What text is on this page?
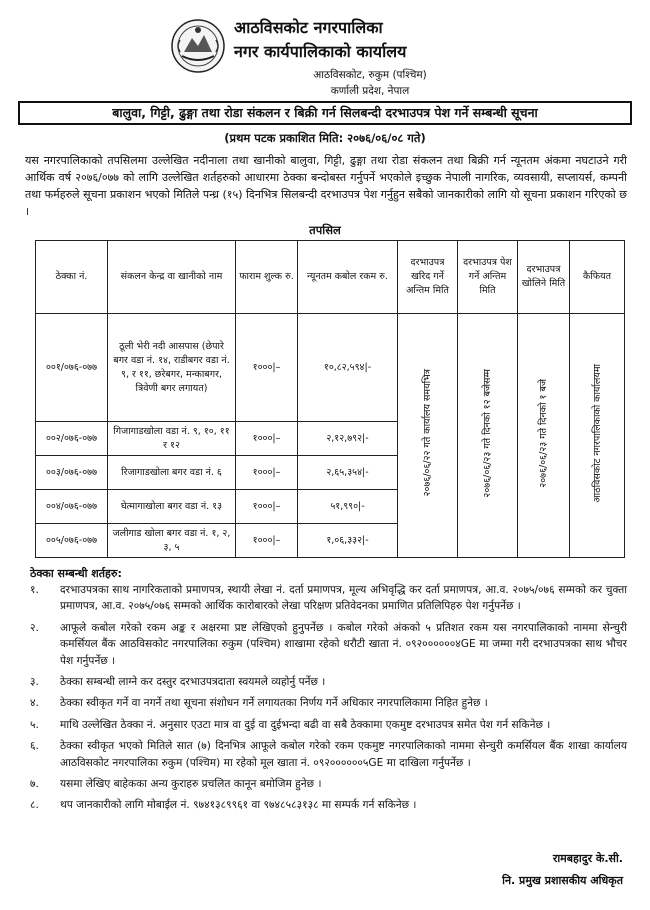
आठविसकोट नगरपालिका
नगर कार्यपालिकाको कार्यालय
आठविसकोट, रुकुम (पश्चिम)
कर्णाली प्रदेश, नेपाल
बालुवा, गिट्टी, ढुङ्गा तथा रोडा संकलन र बिक्री गर्न सिलबन्दी दरभाउपत्र पेश गर्ने सम्बन्धी सूचना
(प्रथम पटक प्रकाशित मिति: २०७६/०६/०८ गते)

यस नगरपालिकाको तपसिलमा उल्लेखित नदीनाला तथा खानीको बालुवा, गिट्टी, ढुङ्गा तथा रोडा संकलन तथा बिक्री गर्न न्यूनतम अंकमा नघटाउने गरी आर्थिक वर्ष २०७६/०७७ को लागि उल्लेखित शर्तहरुको आधारमा ठेक्का बन्दोबस्त गर्नुपर्ने भएकोले इच्छुक नेपाली नागरिक, व्यवसायी, सप्लायर्स, कम्पनी तथा फर्महरुले सूचना प्रकाशन भएको मितिले पन्ध्र (१५) दिनभित्र सिलबन्दी दरभाउपत्र पेश गर्नुहुन सबैको जानकारीको लागि यो सूचना प्रकाशन गरिएको छ ।

तपसिल
ठेक्का नं.	संकलन केन्द्र वा खानीको नाम	फाराम शुल्क रु.	न्यूनतम कबोल रकम रु.	दरभाउपत्र खरिद गर्ने अन्तिम मिति	दरभाउपत्र पेश गर्ने अन्तिम मिति	दरभाउपत्र खोलिने मिति	कैफियत
००१/०७६-०७७	ठूली भेरी नदी आसपास (छेपारे बगर वडा नं. १४, राडीबगर वडा नं. ९, र ११, छरेबगर, मन्काबगर, त्रिवेणी बगर लगायत)	१०००|–	१०,८२,५९४|-	२०७६/०६/२२ गते कार्यालय समयभित्र	२०७६/०६/२३ गते दिनको १२ बजेसम्म	२०७६/०६/२३ गते दिनको १ बजे	आठविसकोट नगरपालिकाको कार्यालयमा
००२/०७६-०७७	गिजागाडखोला वडा नं. ९, १०, ११ र १२	१०००|–	२,१२,७९२|-				
००३/०७६-०७७	रिजागाडखोला बगर वडा नं. ६	१०००|–	२,६५,३५४|-				
००४/०७६-०७७	घेत्मागाखोला बगर वडा नं. १३	१०००|–	५१,९९०|-				
००५/०७६-०७७	जलीगाड खोला बगर वडा नं. १, २, ३, ५	१०००|–	१,०६,३३२|-				
ठेक्का सम्बन्धी शर्तहरु:
१.	दरभाउपत्रका साथ नागरिकताको प्रमाणपत्र, स्थायी लेखा नं. दर्ता प्रमाणपत्र, मूल्य अभिवृद्धि कर दर्ता प्रमाणपत्र, आ.व. २०७५/०७६ सम्मको कर चुक्ता प्रमाणपत्र, आ.व. २०७५/०७६ सम्मको आर्थिक कारोबारको लेखा परिक्षण प्रतिवेदनका प्रमाणित प्रतिलिपिहरु पेश गर्नुपर्नेछ ।
२.	आफूले कबोल गरेको रकम अङ्क र अक्षरमा प्रष्ट लेखिएको हुनुपर्नेछ । कबोल गरेको अंकको ५ प्रतिशत रकम यस नगरपालिकाको नाममा सेन्चुरी कमर्सियल बैंक आठविसकोट नगरपालिका रुकुम (पश्चिम) शाखामा रहेको धरौटी खाता नं. ०९२००००००४GE मा जम्मा गरी दरभाउपत्रका साथ भौचर पेश गर्नुपर्नेछ ।
३.	ठेक्का सम्बन्धी लाग्ने कर दस्तुर दरभाउपत्रदाता स्वयमले व्यहोर्नु पर्नेछ ।
४.	ठेक्का स्वीकृत गर्ने वा नगर्ने तथा सूचना संशोधन गर्ने लगायतका निर्णय गर्ने अधिकार नगरपालिकामा निहित हुनेछ ।
५.	माथि उल्लेखित ठेक्का नं. अनुसार एउटा मात्र वा दुई वा दुईभन्दा बढी वा सबै ठेक्कामा एकमुष्ट दरभाउपत्र समेत पेश गर्न सकिनेछ ।
६.	ठेक्का स्वीकृत भएको मितिले सात (७) दिनभित्र आफूले कबोल गरेको रकम एकमुष्ट नगरपालिकाको नाममा सेन्चुरी कमर्सियल बैंक शाखा कार्यालय आठविसकोट नगरपालिका रुकुम (पश्चिम) मा रहेको मूल खाता नं. ०९२००००००५GE मा दाखिला गर्नुपर्नेछ ।
७.	यसमा लेखिए बाहेकका अन्य कुराहरु प्रचलित कानून बमोजिम हुनेछ ।
८.	थप जानकारीको लागि मोबाईल नं. ९७४१३८९९६१ वा ९७४८५८३१३८ मा सम्पर्क गर्न सकिनेछ ।
रामबहादुर के.सी.
नि. प्रमुख प्रशासकीय अधिकृत
